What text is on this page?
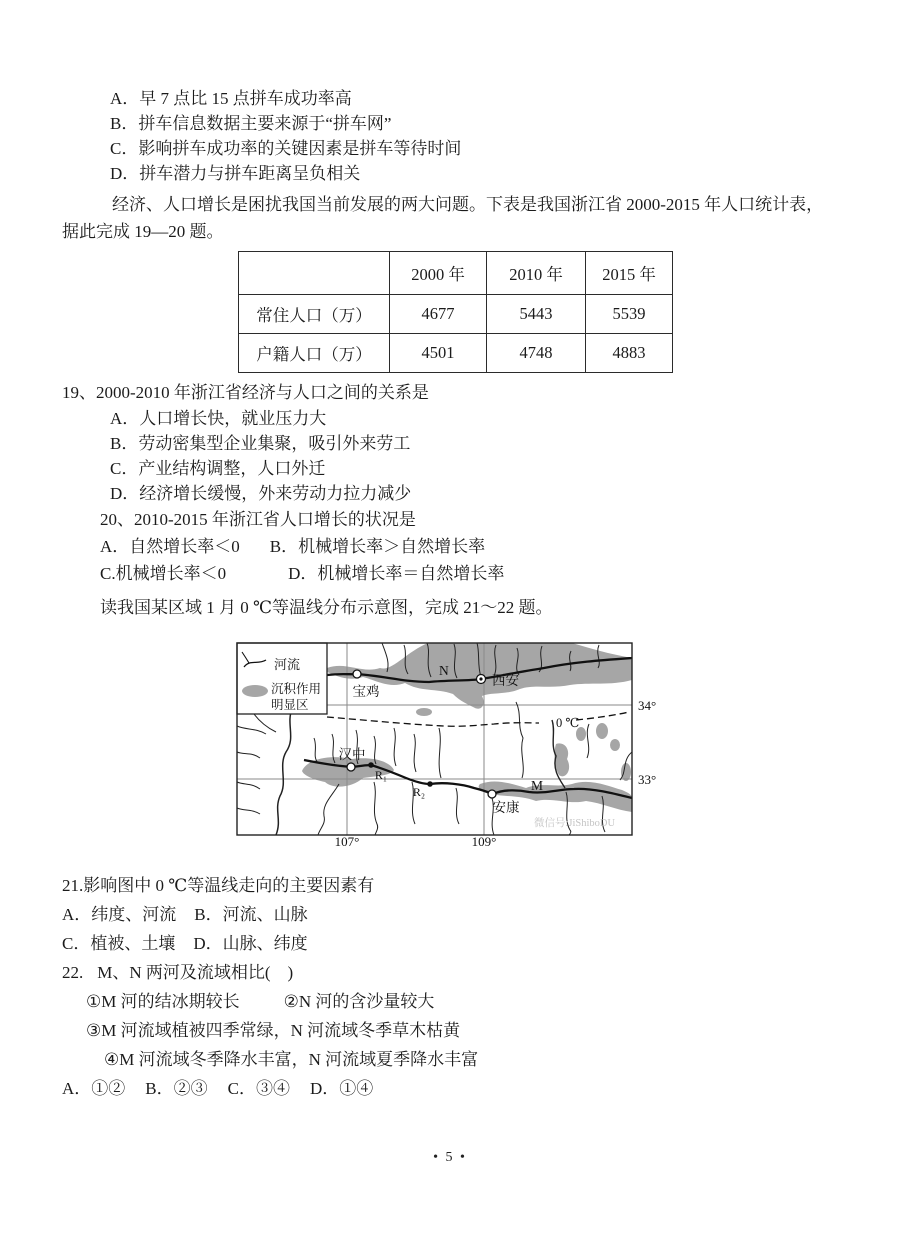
A．早 7 点比 15 点拼车成功率高
B．拼车信息数据主要来源于“拼车网”
C．影响拼车成功率的关键因素是拼车等待时间
D．拼车潜力与拼车距离呈负相关

经济、人口增长是困扰我国当前发展的两大问题。下表是我国浙江省 2000-2015 年人口统计表，据此完成 19—20 题。

	2000 年	2010 年	2015 年
常住人口（万）	4677	5443	5539
户籍人口（万）	4501	4748	4883
19、2000-2010 年浙江省经济与人口之间的关系是
A．人口增长快，就业压力大
B．劳动密集型企业集聚，吸引外来劳工
C．产业结构调整，人口外迁
D．经济增长缓慢，外来劳动力拉力减少
20、2010-2015 年浙江省人口增长的状况是
A．自然增长率＜0 B．机械增长率＞自然增长率
C.机械增长率＜0	D．机械增长率＝自然增长率

读我国某区域 1 月 0 ℃等温线分布示意图，完成 21～22 题。

河流
沉积作用
明显区
宝鸡
西安
N
汉中
R₁
R₂
安康
M
0 ℃
34°
33°
107°	109°
微信号:JiShiboDU
21.影响图中 0 ℃等温线走向的主要因素有
A．纬度、河流 B．河流、山脉
C．植被、土壤 D．山脉、纬度
22. M、N 两河及流域相比(　)
①M 河的结冰期较长	②N 河的含沙量较大
③M 河流域植被四季常绿，N 河流域冬季草木枯黄
④M 河流域冬季降水丰富，N 河流域夏季降水丰富
A．①② B．②③ C．③④ D．①④
• 5 •
